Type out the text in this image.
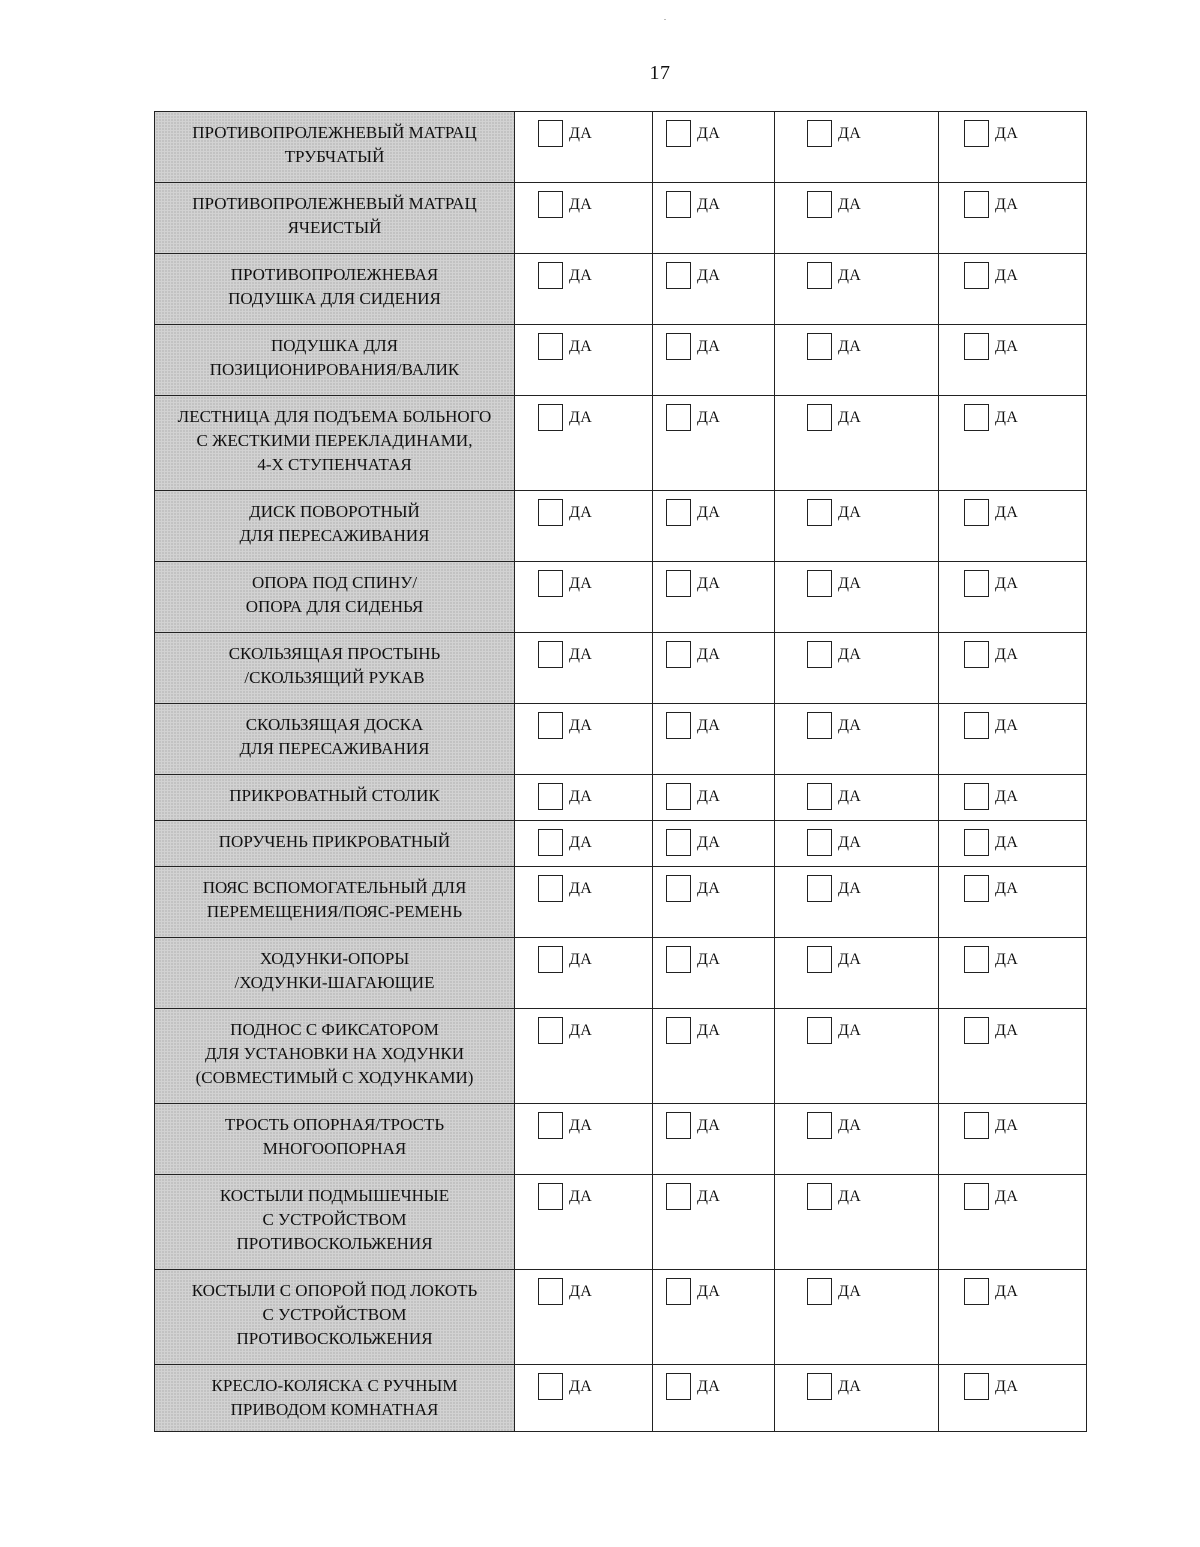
17
ПРОТИВОПРОЛЕЖНЕВЫЙ МАТРАЦ
ТРУБЧАТЫЙ	ДА	ДА	ДА	ДА

ПРОТИВОПРОЛЕЖНЕВЫЙ МАТРАЦ
ЯЧЕИСТЫЙ	ДА	ДА	ДА	ДА

ПРОТИВОПРОЛЕЖНЕВАЯ
ПОДУШКА ДЛЯ СИДЕНИЯ	ДА	ДА	ДА	ДА

ПОДУШКА ДЛЯ
ПОЗИЦИОНИРОВАНИЯ/ВАЛИК	ДА	ДА	ДА	ДА

ЛЕСТНИЦА ДЛЯ ПОДЪЕМА БОЛЬНОГО
С ЖЕСТКИМИ ПЕРЕКЛАДИНАМИ,
4-Х СТУПЕНЧАТАЯ	ДА	ДА	ДА	ДА

ДИСК ПОВОРОТНЫЙ
ДЛЯ ПЕРЕСАЖИВАНИЯ	ДА	ДА	ДА	ДА

ОПОРА ПОД СПИНУ/
ОПОРА ДЛЯ СИДЕНЬЯ	ДА	ДА	ДА	ДА

СКОЛЬЗЯЩАЯ ПРОСТЫНЬ
/СКОЛЬЗЯЩИЙ РУКАВ	ДА	ДА	ДА	ДА

СКОЛЬЗЯЩАЯ ДОСКА
ДЛЯ ПЕРЕСАЖИВАНИЯ	ДА	ДА	ДА	ДА

ПРИКРОВАТНЫЙ СТОЛИК	ДА	ДА	ДА	ДА

ПОРУЧЕНЬ ПРИКРОВАТНЫЙ	ДА	ДА	ДА	ДА

ПОЯС ВСПОМОГАТЕЛЬНЫЙ ДЛЯ
ПЕРЕМЕЩЕНИЯ/ПОЯС-РЕМЕНЬ	ДА	ДА	ДА	ДА

ХОДУНКИ-ОПОРЫ
/ХОДУНКИ-ШАГАЮЩИЕ	ДА	ДА	ДА	ДА

ПОДНОС С ФИКСАТОРОМ
ДЛЯ УСТАНОВКИ НА ХОДУНКИ
(СОВМЕСТИМЫЙ С ХОДУНКАМИ)	ДА	ДА	ДА	ДА

ТРОСТЬ ОПОРНАЯ/ТРОСТЬ
МНОГООПОРНАЯ	ДА	ДА	ДА	ДА

КОСТЫЛИ ПОДМЫШЕЧНЫЕ
С УСТРОЙСТВОМ
ПРОТИВОСКОЛЬЖЕНИЯ	ДА	ДА	ДА	ДА

КОСТЫЛИ С ОПОРОЙ ПОД ЛОКОТЬ
С УСТРОЙСТВОМ
ПРОТИВОСКОЛЬЖЕНИЯ	ДА	ДА	ДА	ДА

КРЕСЛО-КОЛЯСКА С РУЧНЫМ
ПРИВОДОМ КОМНАТНАЯ	ДА	ДА	ДА	ДА
